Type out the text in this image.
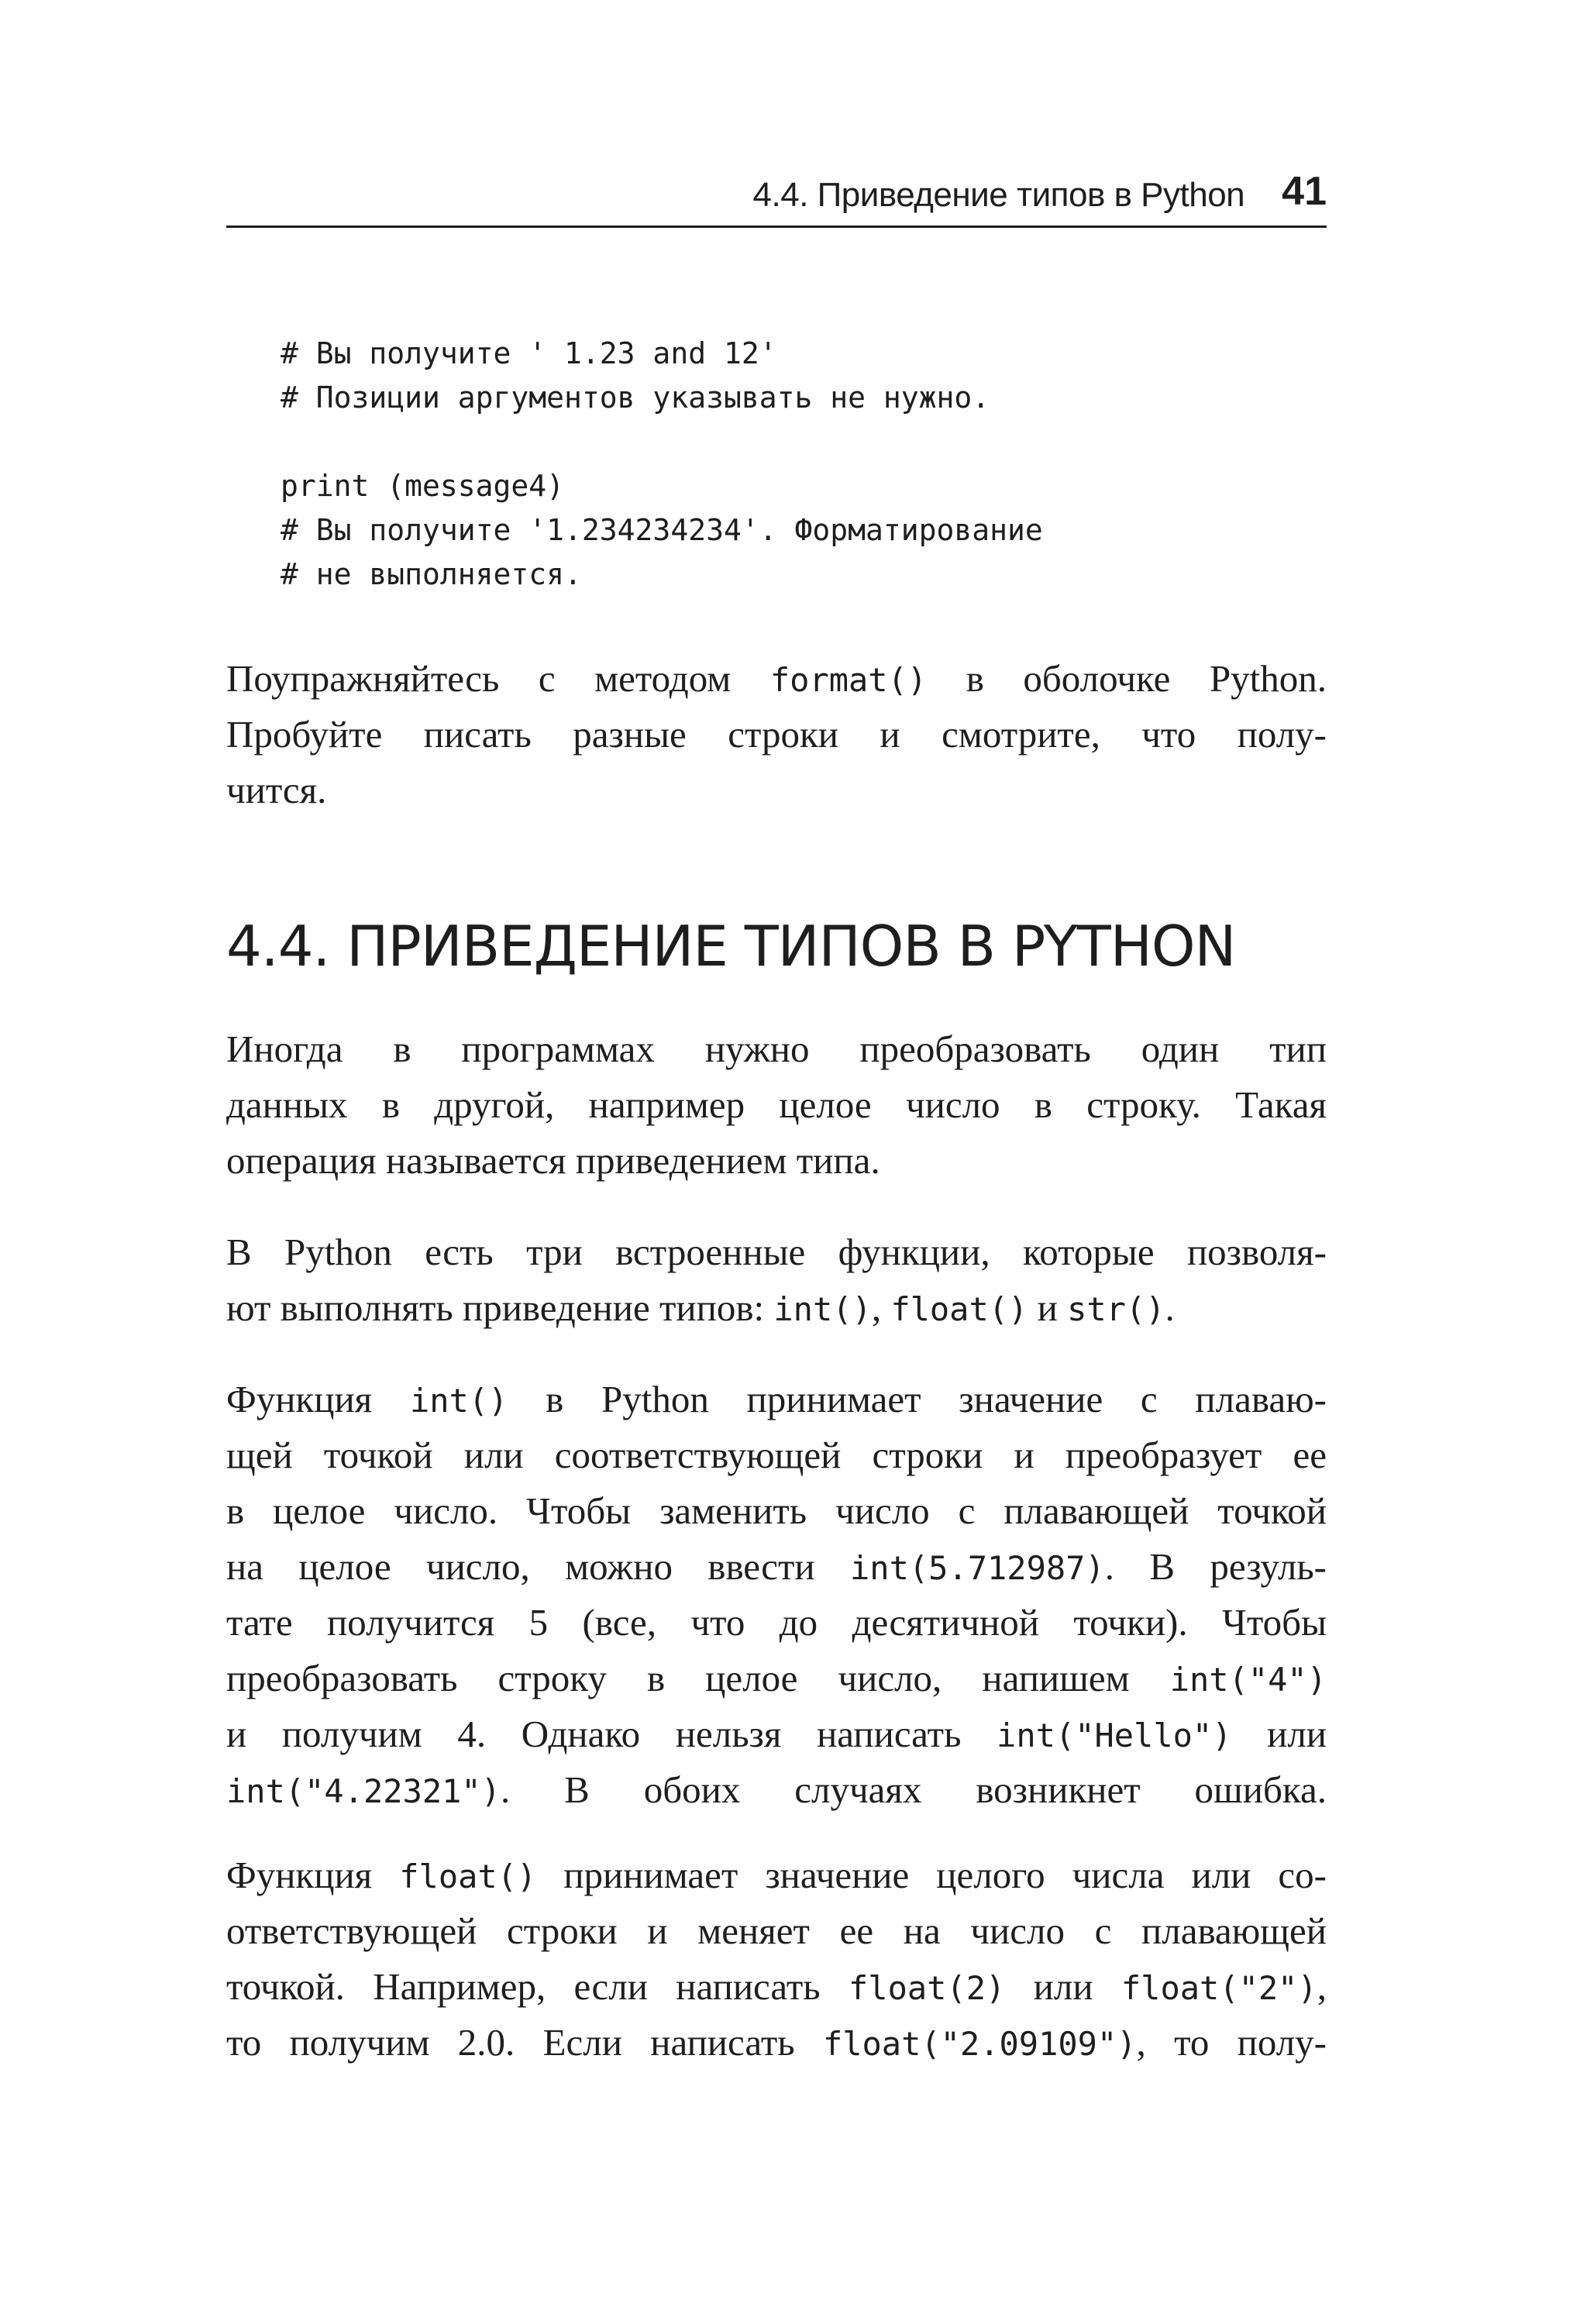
4.4. Приведение типов в Python 41
# Вы получите ' 1.23 and 12'
# Позиции аргументов указывать не нужно.
print (message4)
# Вы получите '1.234234234'. Форматирование
# не выполняется.

Поупражняйтесь с методом format() в оболочке Python.
Пробуйте писать разные строки и смотрите, что полу-
чится.

4.4. ПРИВЕДЕНИЕ ТИПОВ В PYTHON

Иногда в программах нужно преобразовать один тип
данных в другой, например целое число в строку. Такая
операция называется приведением типа.

В Python есть три встроенные функции, которые позволя-
ют выполнять приведение типов: int(), float() и str().

Функция int() в Python принимает значение с плаваю-
щей точкой или соответствующей строки и преобразует ее
в целое число. Чтобы заменить число с плавающей точкой
на целое число, можно ввести int(5.712987). В резуль-
тате получится 5 (все, что до десятичной точки). Чтобы
преобразовать строку в целое число, напишем int("4")
и получим 4. Однако нельзя написать int("Hello") или
int("4.22321"). В обоих случаях возникнет ошибка.

Функция float() принимает значение целого числа или со-
ответствующей строки и меняет ее на число с плавающей
точкой. Например, если написать float(2) или float("2"),
то получим 2.0. Если написать float("2.09109"), то полу-
